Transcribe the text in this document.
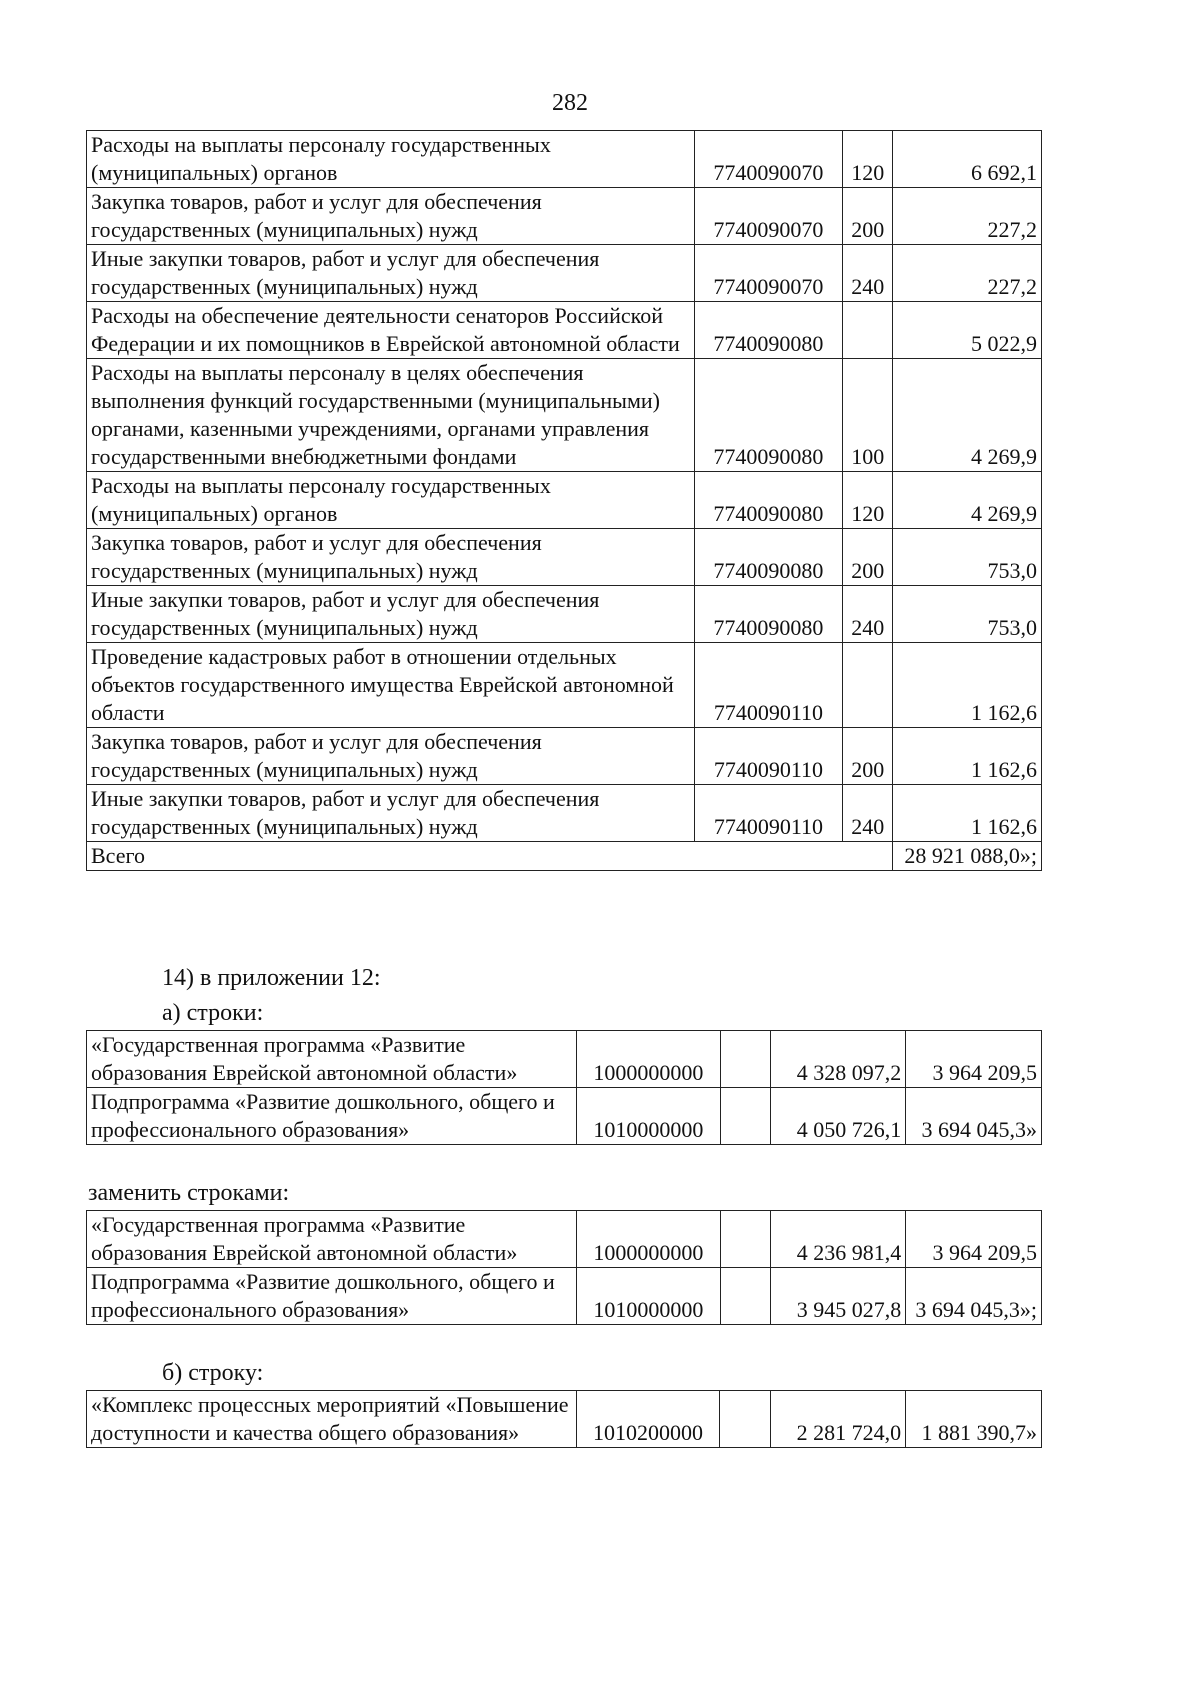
282
Расходы на выплаты персоналу государственных (муниципальных) органов	7740090070	120	6 692,1
Закупка товаров, работ и услуг для обеспечения государственных (муниципальных) нужд	7740090070	200	227,2
Иные закупки товаров, работ и услуг для обеспечения государственных (муниципальных) нужд	7740090070	240	227,2
Расходы на обеспечение деятельности сенаторов Российской Федерации и их помощников в Еврейской автономной области	7740090080		5 022,9
Расходы на выплаты персоналу в целях обеспечения выполнения функций государственными (муниципальными) органами, казенными учреждениями, органами управления государственными внебюджетными фондами	7740090080	100	4 269,9
Расходы на выплаты персоналу государственных (муниципальных) органов	7740090080	120	4 269,9
Закупка товаров, работ и услуг для обеспечения государственных (муниципальных) нужд	7740090080	200	753,0
Иные закупки товаров, работ и услуг для обеспечения государственных (муниципальных) нужд	7740090080	240	753,0
Проведение кадастровых работ в отношении отдельных объектов государственного имущества Еврейской автономной области	7740090110		1 162,6
Закупка товаров, работ и услуг для обеспечения государственных (муниципальных) нужд	7740090110	200	1 162,6
Иные закупки товаров, работ и услуг для обеспечения государственных (муниципальных) нужд	7740090110	240	1 162,6
Всего			28 921 088,0»;
14) в приложении 12:
а) строки:
«Государственная программа «Развитие образования Еврейской автономной области»	1000000000		4 328 097,2	3 964 209,5
Подпрограмма «Развитие дошкольного, общего и профессионального образования»	1010000000		4 050 726,1	3 694 045,3»
заменить строками:
«Государственная программа «Развитие образования Еврейской автономной области»	1000000000		4 236 981,4	3 964 209,5
Подпрограмма «Развитие дошкольного, общего и профессионального образования»	1010000000		3 945 027,8	3 694 045,3»;
б) строку:
«Комплекс процессных мероприятий «Повышение доступности и качества общего образования»	1010200000		2 281 724,0	1 881 390,7»
